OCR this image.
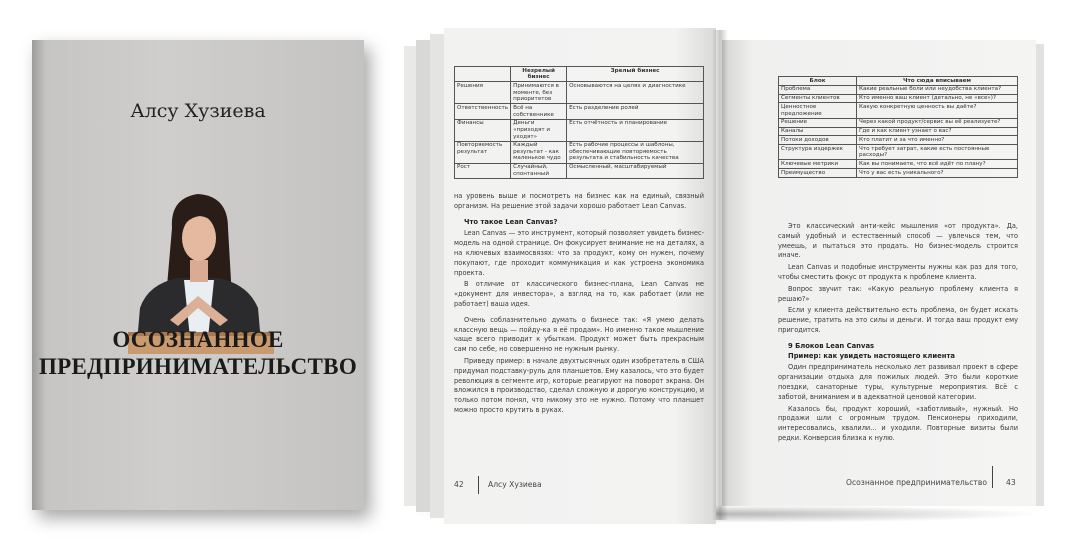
Алсу Хузиева
ОСОЗНАННОЕ
ПРЕДПРИНИМАТЕЛЬСТВО
	Незрелый бизнес	Зрелый бизнес
Решения	Принимаются в моменте, без приоритетов	Основываются на целях и диагностике
Ответственность	Всё на собственнике	Есть разделение ролей
Финансы	Деньги «приходят и уходят»	Есть отчётность и планирование
Повторяемость результат	Каждый результат - как маленькое чудо	Есть рабочие процессы и шаблоны, обеспечивающие повторяемость результата и стабильность качества
Рост	Случайный, спонтанный	Осмысленный, масштабируемый

на уровень выше и посмотреть на бизнес как на единый, связный организм. На решение этой задачи хорошо работает Lean Canvas.

Что такое Lean Canvas?

Lean Canvas — это инструмент, который позволяет увидеть бизнес-модель на одной странице. Он фокусирует внимание не на деталях, а на ключевых взаимосвязях: что за продукт, кому он нужен, почему покупают, где проходит коммуникация и как устроена экономика проекта.

В отличие от классического бизнес-плана, Lean Canvas не «документ для инвестора», а взгляд на то, как работает (или не работает) ваша идея.

Очень соблазнительно думать о бизнесе так: «Я умею делать классную вещь — пойду-ка я её продам». Но именно такое мышление чаще всего приводит к убыткам. Продукт может быть прекрасным сам по себе, но совершенно не нужным рынку.

Приведу пример: в начале двухтысячных один изобретатель в США придумал подставку-руль для планшетов. Ему казалось, что это будет революция в сегменте игр, которые реагируют на поворот экрана. Он вложился в производство, сделал сложную и дорогую конструкцию, и только потом понял, что никому это не нужно. Потому что планшет можно просто крутить в руках.

42	Алсу Хузиева
Блок	Что сюда вписываем
Проблема	Какие реальные боли или неудобства клиента?
Сегменты клиентов	Кто именно ваш клиент (детально, не «все»)?
Ценностное предложение	Какую конкретную ценность вы даёте?
Решение	Через какой продукт/сервис вы её реализуете?
Каналы	Где и как клиент узнает о вас?
Потоки доходов	Кто платит и за что именно?
Структура издержек	Что требует затрат, какие есть постоянные расходы?
Ключевые метрики	Как вы понимаете, что всё идёт по плану?
Преимущество	Что у вас есть уникального?

Это классический анти-кейс мышления «от продукта». Да, самый удобный и естественный способ — увлечься тем, что умеешь, и пытаться это продать. Но бизнес-модель строится иначе.

Lean Canvas и подобные инструменты нужны как раз для того, чтобы сместить фокус от продукта к проблеме клиента.

Вопрос звучит так: «Какую реальную проблему клиента я решаю?»

Если у клиента действительно есть проблема, он будет искать решение, тратить на это силы и деньги. И тогда ваш продукт ему пригодится.

9 Блоков Lean Canvas

Пример: как увидеть настоящего клиента

Один предприниматель несколько лет развивал проект в сфере организации отдыха для пожилых людей. Это были короткие поездки, санаторные туры, культурные мероприятия. Всё с заботой, вниманием и в адекватной ценовой категории.

Казалось бы, продукт хороший, «заботливый», нужный. Но продажи шли с огромным трудом. Пенсионеры приходили, интересовались, хвалили... и уходили. Повторные визиты были редки. Конверсия близка к нулю.

Осознанное предпринимательство	43
